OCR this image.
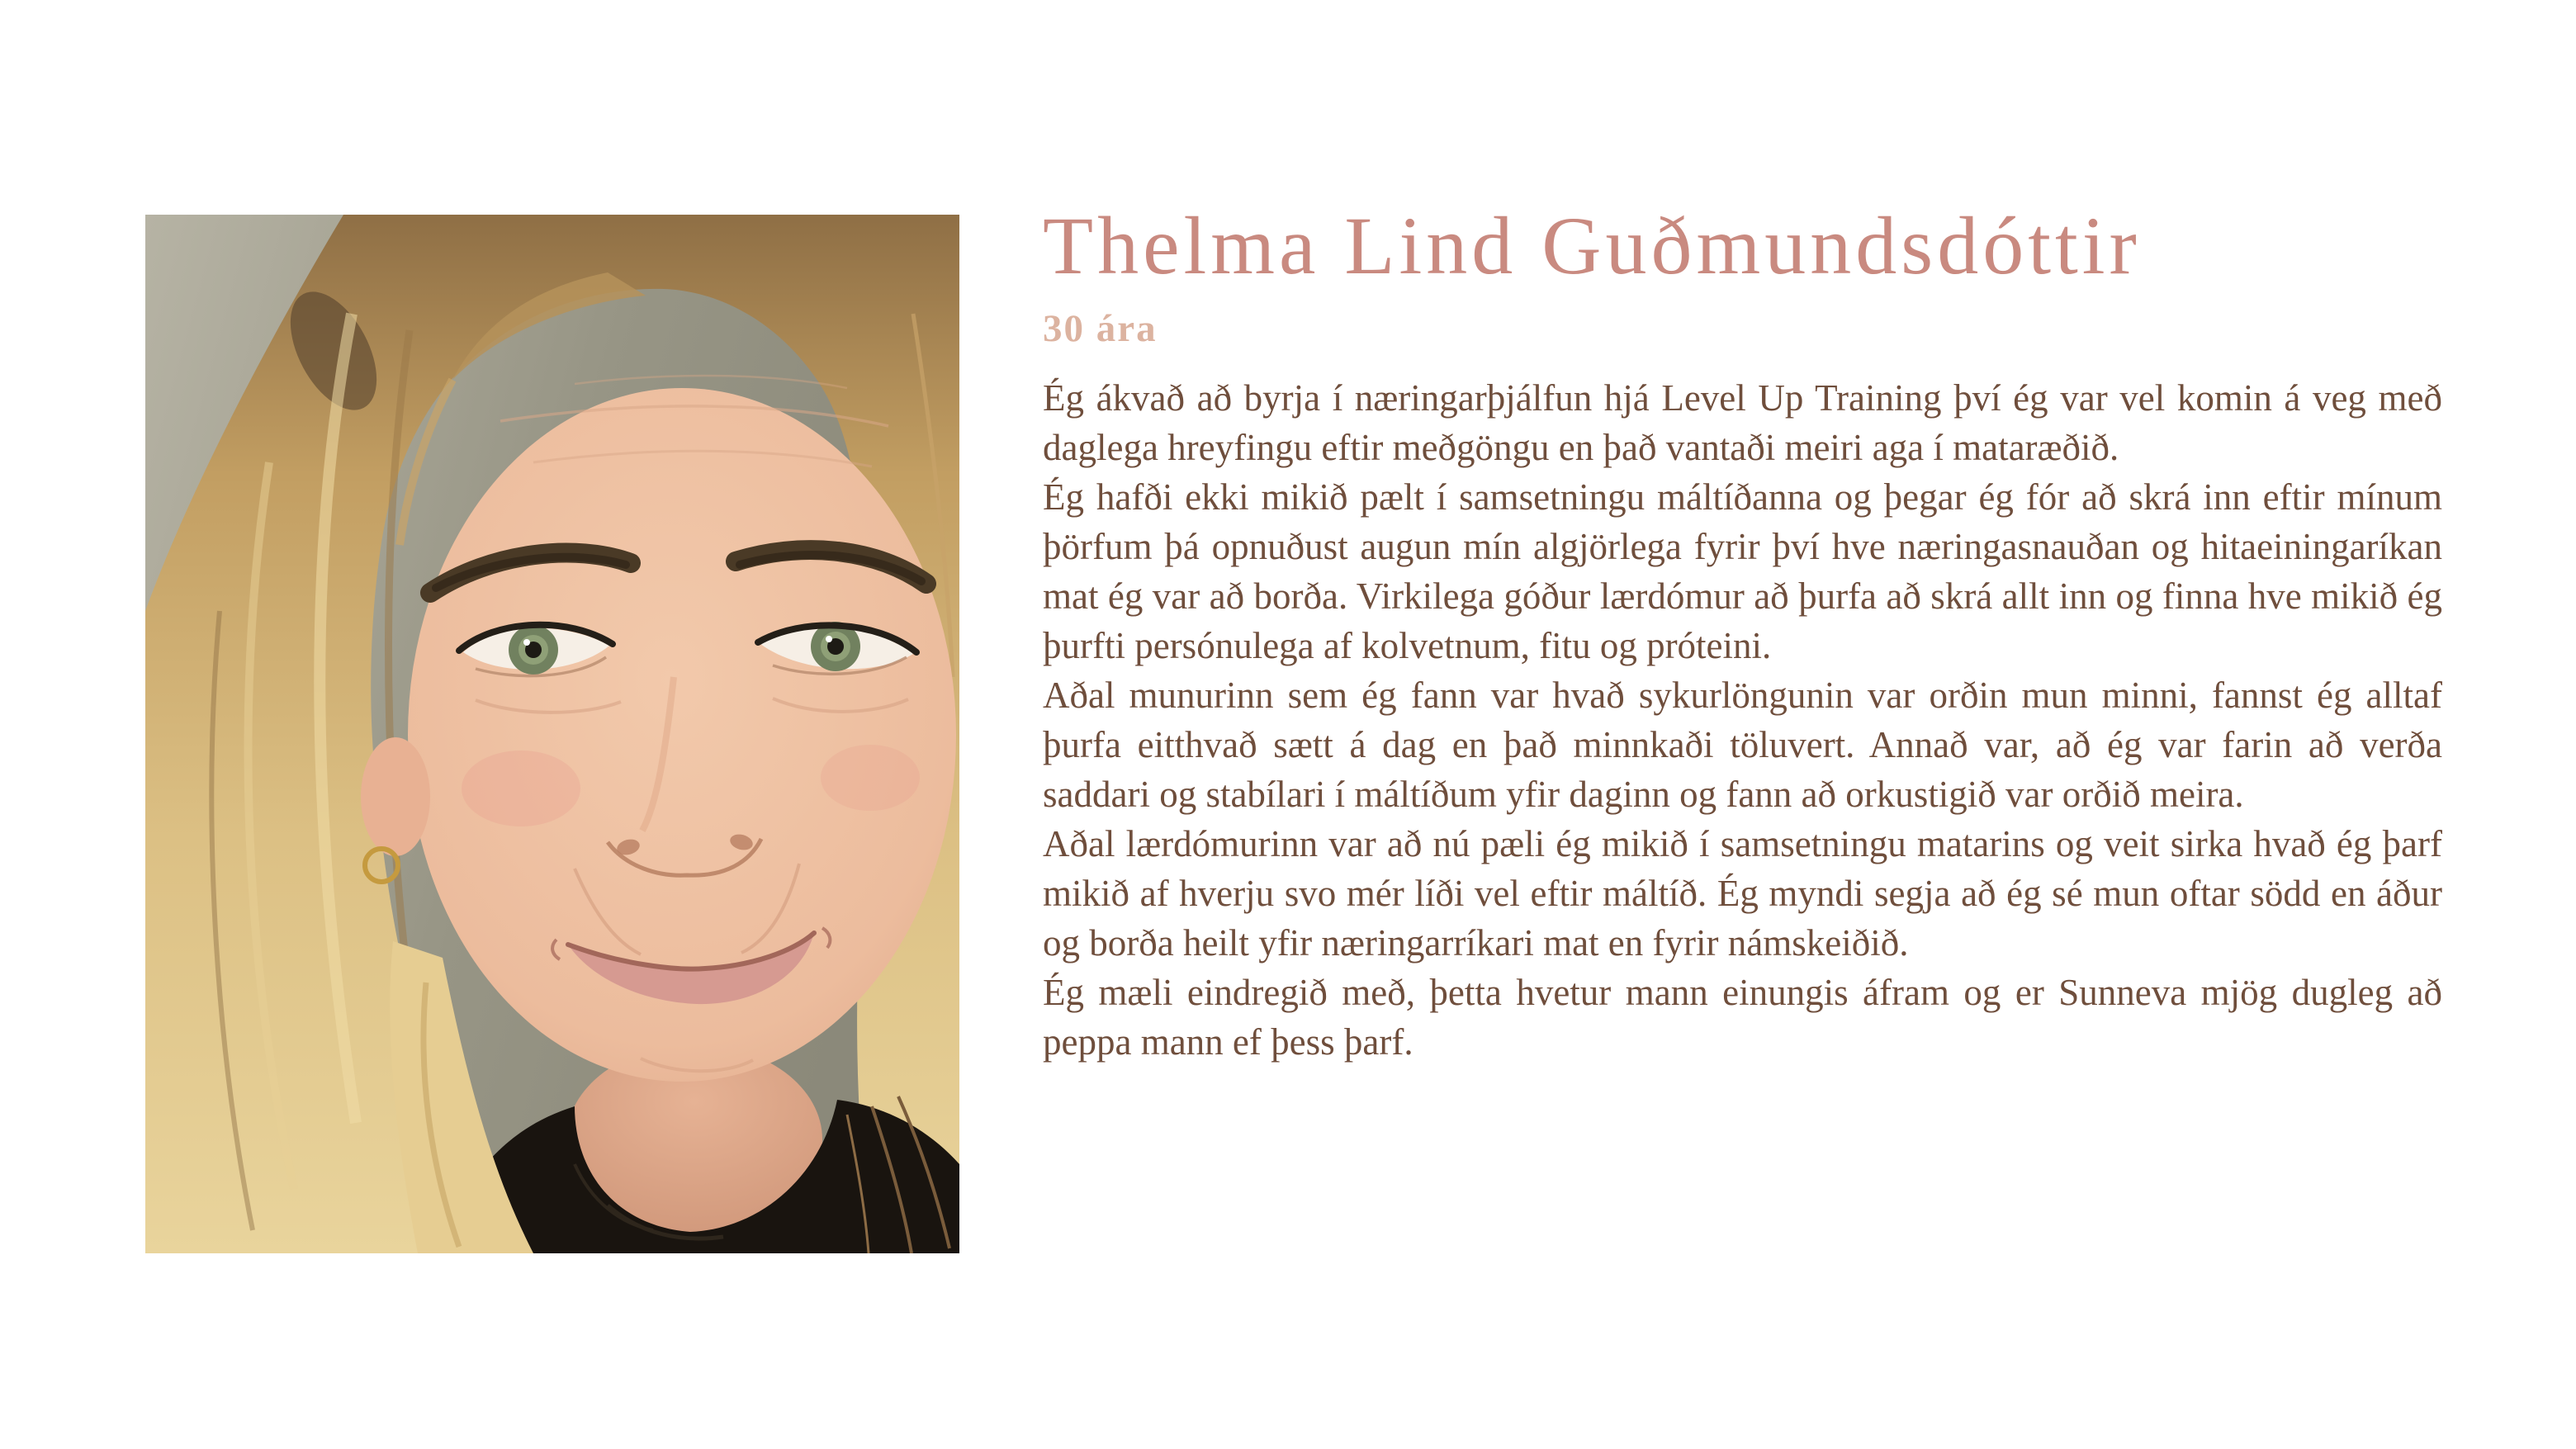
Thelma Lind Guðmundsdóttir
30 ára

Ég ákvað að byrja í næringarþjálfun hjá Level Up Training því ég var vel komin á veg með daglega hreyfingu eftir meðgöngu en það vantaði meiri aga í mataræðið.

Ég hafði ekki mikið pælt í samsetningu máltíðanna og þegar ég fór að skrá inn eftir mínum þörfum þá opnuðust augun mín algjörlega fyrir því hve næringasnauðan og hitaeiningaríkan mat ég var að borða. Virkilega góður lærdómur að þurfa að skrá allt inn og finna hve mikið ég þurfti persónulega af kolvetnum, fitu og próteini.

Aðal munurinn sem ég fann var hvað sykurlöngunin var orðin mun minni, fannst ég alltaf þurfa eitthvað sætt á dag en það minnkaði töluvert. Annað var, að ég var farin að verða saddari og stabílari í máltíðum yfir daginn og fann að orkustigið var orðið meira.

Aðal lærdómurinn var að nú pæli ég mikið í samsetningu matarins og veit sirka hvað ég þarf mikið af hverju svo mér líði vel eftir máltíð. Ég myndi segja að ég sé mun oftar södd en áður og borða heilt yfir næringarríkari mat en fyrir námskeiðið.

Ég mæli eindregið með, þetta hvetur mann einungis áfram og er Sunneva mjög dugleg að peppa mann ef þess þarf.
